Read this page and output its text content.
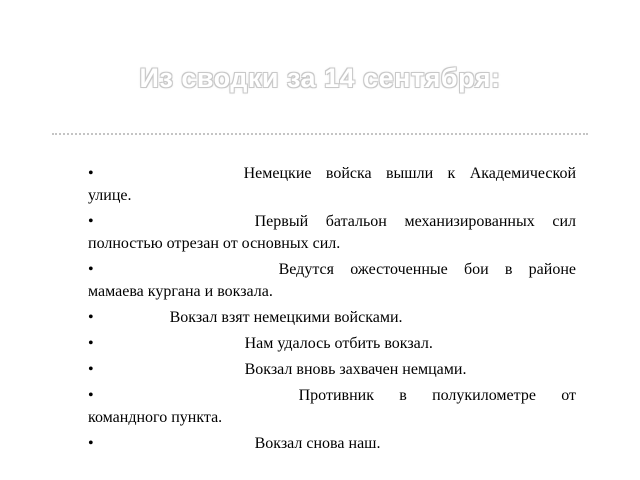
Из сводки за 14 сентября:
•	Немецкие войска вышли к Академической улице.
•	Первый батальон механизированных сил полностью отрезан от основных сил.
•	Ведутся ожесточенные бои в районе мамаева кургана и вокзала.
•	Вокзал взят немецкими войсками.
•	Нам удалось отбить вокзал.
•	Вокзал вновь захвачен немцами.
•	Противник в полукилометре от командного пункта.
•	Вокзал снова наш.
